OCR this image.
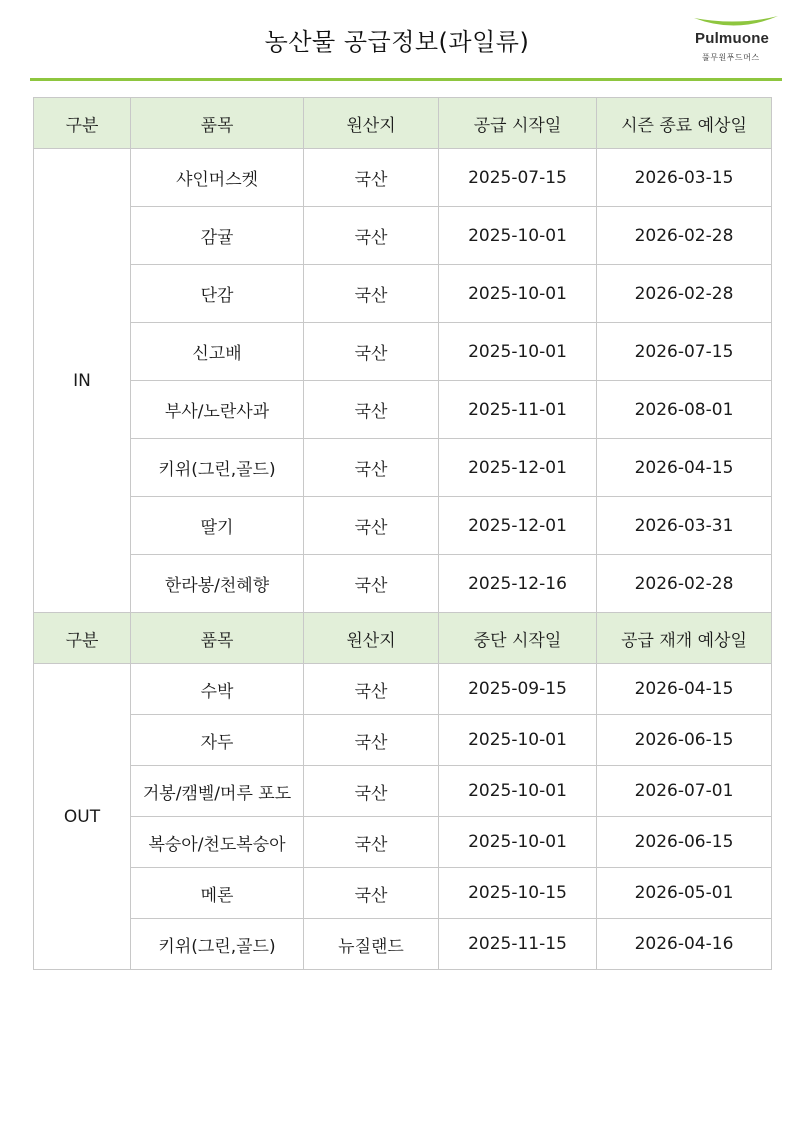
농산물 공급정보(과일류)	Pulmuone
풀무원푸드머스
구분	품목	원산지	공급 시작일	시즌 종료 예상일
IN	샤인머스켓	국산	2025-07-15	2026-03-15
	감귤	국산	2025-10-01	2026-02-28
	단감	국산	2025-10-01	2026-02-28
	신고배	국산	2025-10-01	2026-07-15
	부사/노란사과	국산	2025-11-01	2026-08-01
	키위(그린,골드)	국산	2025-12-01	2026-04-15
	딸기	국산	2025-12-01	2026-03-31
	한라봉/천혜향	국산	2025-12-16	2026-02-28
구분	품목	원산지	중단 시작일	공급 재개 예상일
OUT	수박	국산	2025-09-15	2026-04-15
	자두	국산	2025-10-01	2026-06-15
	거봉/캠벨/머루 포도	국산	2025-10-01	2026-07-01
	복숭아/천도복숭아	국산	2025-10-01	2026-06-15
	메론	국산	2025-10-15	2026-05-01
	키위(그린,골드)	뉴질랜드	2025-11-15	2026-04-16
